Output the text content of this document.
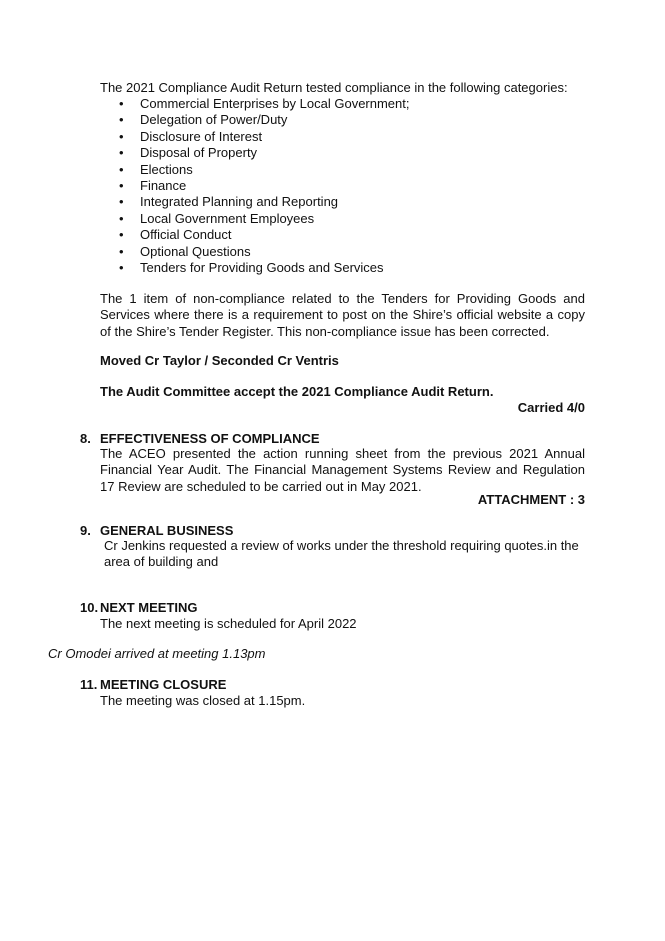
The 2021 Compliance Audit Return tested compliance in the following categories:

• Commercial Enterprises by Local Government;
• Delegation of Power/Duty
• Disclosure of Interest
• Disposal of Property
• Elections
• Finance
• Integrated Planning and Reporting
• Local Government Employees
• Official Conduct
• Optional Questions
• Tenders for Providing Goods and Services

The 1 item of non-compliance related to the Tenders for Providing Goods and Services where there is a requirement to post on the Shire’s official website a copy of the Shire’s Tender Register. This non-compliance issue has been corrected.

Moved Cr Taylor / Seconded Cr Ventris

The Audit Committee accept the 2021 Compliance Audit Return.

Carried 4/0

8. EFFECTIVENESS OF COMPLIANCE

The ACEO presented the action running sheet from the previous 2021 Annual Financial Year Audit. The Financial Management Systems Review and Regulation 17 Review are scheduled to be carried out in May 2021.

ATTACHMENT : 3

9. GENERAL BUSINESS

Cr Jenkins requested a review of works under the threshold requiring quotes.in the area of building and

10. NEXT MEETING

The next meeting is scheduled for April 2022

Cr Omodei arrived at meeting 1.13pm

11. MEETING CLOSURE

The meeting was closed at 1.15pm.
